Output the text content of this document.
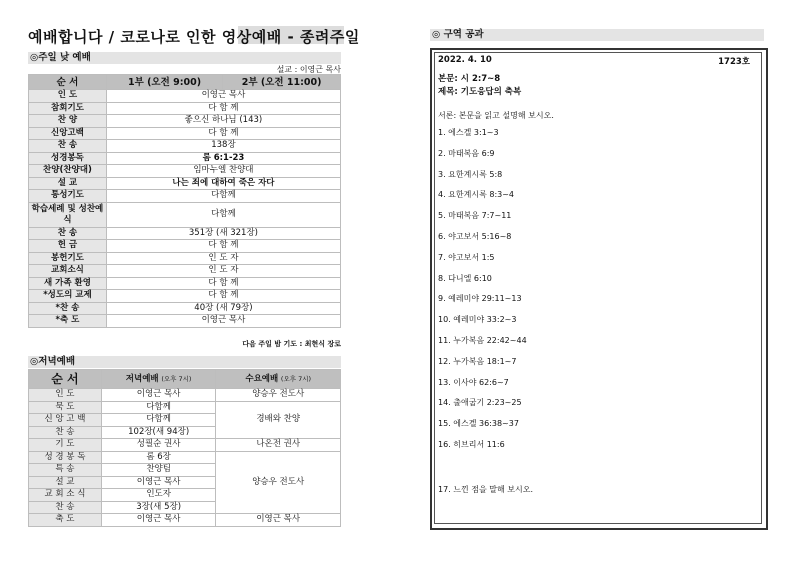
예배합니다 / 코로나로 인한 영상예배 - 종려주일
◎주일 낮 예배
설교 : 이영근 목사
순 서	1부 (오전 9:00)	2부 (오전 11:00)
인 도	이영근 목사	
참회기도	다 함 께	
찬 양	좋으신 하나님 (143)	
신앙고백	다 함 께	
찬 송	138장	
성경봉독	롬 6:1-23	
찬양(찬양대)	임마누엘 찬양대	
설 교	나는 죄에 대하여 죽은 자다	
통성기도	다함께	
학습세례 및 성찬예식	다함께	
찬 송	351장 (새 321장)	
헌 금	다 함 께	
봉헌기도	인 도 자	
교회소식	인 도 자	
새 가족 환영	다 함 께	
*성도의 교제	다 함 께	
*찬 송	40장 (새 79장)	
*축 도	이영근 목사	
다음 주일 밤 기도 : 최현식 장로
◎저녁예배
순 서	저녁예배 (오후 7시)	수요예배 (오후 7시)
인 도	이영근 목사	양승우 전도사
묵 도	다함께	경배와 찬양
신 앙 고 백	다함께	
찬 송	102장(새 94장)	
기 도	성필순 권사	나온전 권사
성 경 봉 독	롬 6장	양승우 전도사
특 송	찬양팀	
설 교	이영근 목사	
교 회 소 식	인도자	
찬 송	3장(새 5장)	
축 도	이영근 목사	이영근 목사
◎ 구역 공과
2022. 4. 10	1723호
본문: 시 2:7~8
제목: 기도응답의 축복
서론: 본문을 읽고 설명해 보시오.
1. 에스겔 3:1~3
2. 마태복음 6:9
3. 요한계시록 5:8
4. 요한계시록 8:3~4
5. 마태복음 7:7~11
6. 야고보서 5:16~8
7. 야고보서 1:5
8. 다니엘 6:10
9. 예레미야 29:11~13
10. 예레미야 33:2~3
11. 누가복음 22:42~44
12. 누가복음 18:1~7
13. 이사야 62:6~7
14. 출애굽기 2:23~25
15. 에스겔 36:38~37
16. 히브리서 11:6
17. 느낀 점을 말해 보시오.
